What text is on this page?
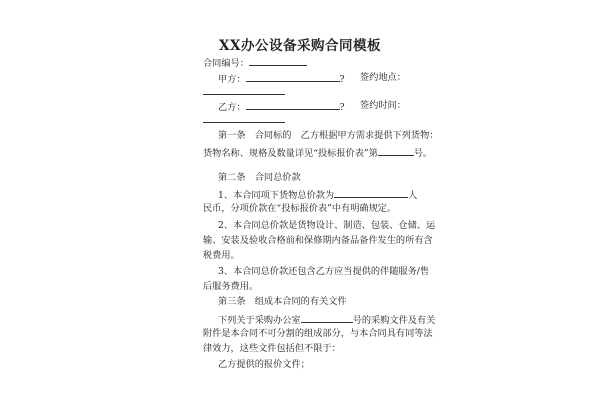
XX办公设备采购合同模板
合同编号：
甲方：	? 签约地点：
乙方：	? 签约时间：
第一条　合同标的　乙方根据甲方需求提供下列货物：
货物名称、规格及数量详见“投标报价表”第	号。
第二条　合同总价款
1、本合同项下货物总价款为	人
民币，分项价款在“投标报价表”中有明确规定。
2、本合同总价款是货物设计、制造、包装、仓储、运
输、安装及验收合格前和保修期内备品备件发生的所有含
税费用。
3、本合同总价款还包含乙方应当提供的伴随服务/售
后服务费用。
第三条　组成本合同的有关文件
下列关于采购办公室	号的采购文件及有关
附件是本合同不可分割的组成部分，与本合同具有同等法
律效力，这些文件包括但不限于：
乙方提供的报价文件；
